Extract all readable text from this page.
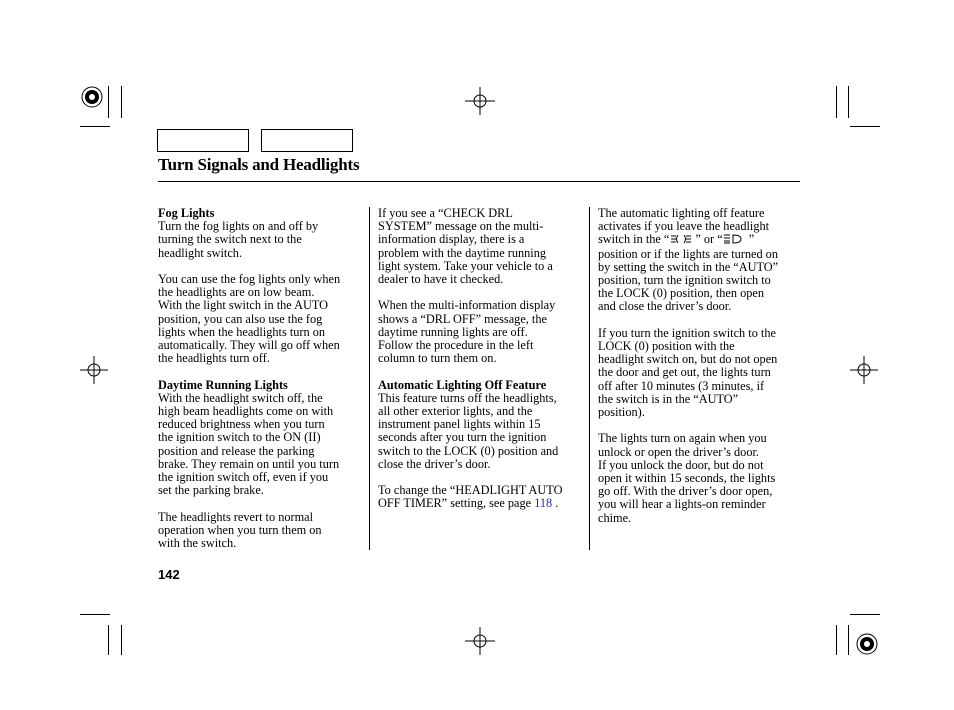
Turn Signals and Headlights

Fog Lights

Turn the fog lights on and off by
turning the switch next to the
headlight switch.

You can use the fog lights only when
the headlights are on low beam.
With the light switch in the AUTO
position, you can also use the fog
lights when the headlights turn on
automatically. They will go off when
the headlights turn off.

Daytime Running Lights

With the headlight switch off, the
high beam headlights come on with
reduced brightness when you turn
the ignition switch to the ON (II)
position and release the parking
brake. They remain on until you turn
the ignition switch off, even if you
set the parking brake.

The headlights revert to normal
operation when you turn them on
with the switch.

If you see a “CHECK DRL
SYSTEM” message on the multi-
information display, there is a
problem with the daytime running
light system. Take your vehicle to a
dealer to have it checked.

When the multi-information display
shows a “DRL OFF” message, the
daytime running lights are off.
Follow the procedure in the left
column to turn them on.

Automatic Lighting Off Feature

This feature turns off the headlights,
all other exterior lights, and the
instrument panel lights within 15
seconds after you turn the ignition
switch to the LOCK (0) position and
close the driver’s door.

To change the “HEADLIGHT AUTO
OFF TIMER” setting, see page 118 .

The automatic lighting off feature
activates if you leave the headlight
switch in the “ ” or “ ”
position or if the lights are turned on
by setting the switch in the “AUTO”
position, turn the ignition switch to
the LOCK (0) position, then open
and close the driver’s door.

If you turn the ignition switch to the
LOCK (0) position with the
headlight switch on, but do not open
the door and get out, the lights turn
off after 10 minutes (3 minutes, if
the switch is in the “AUTO”
position).

The lights turn on again when you
unlock or open the driver’s door.
If you unlock the door, but do not
open it within 15 seconds, the lights
go off. With the driver’s door open,
you will hear a lights-on reminder
chime.

142
